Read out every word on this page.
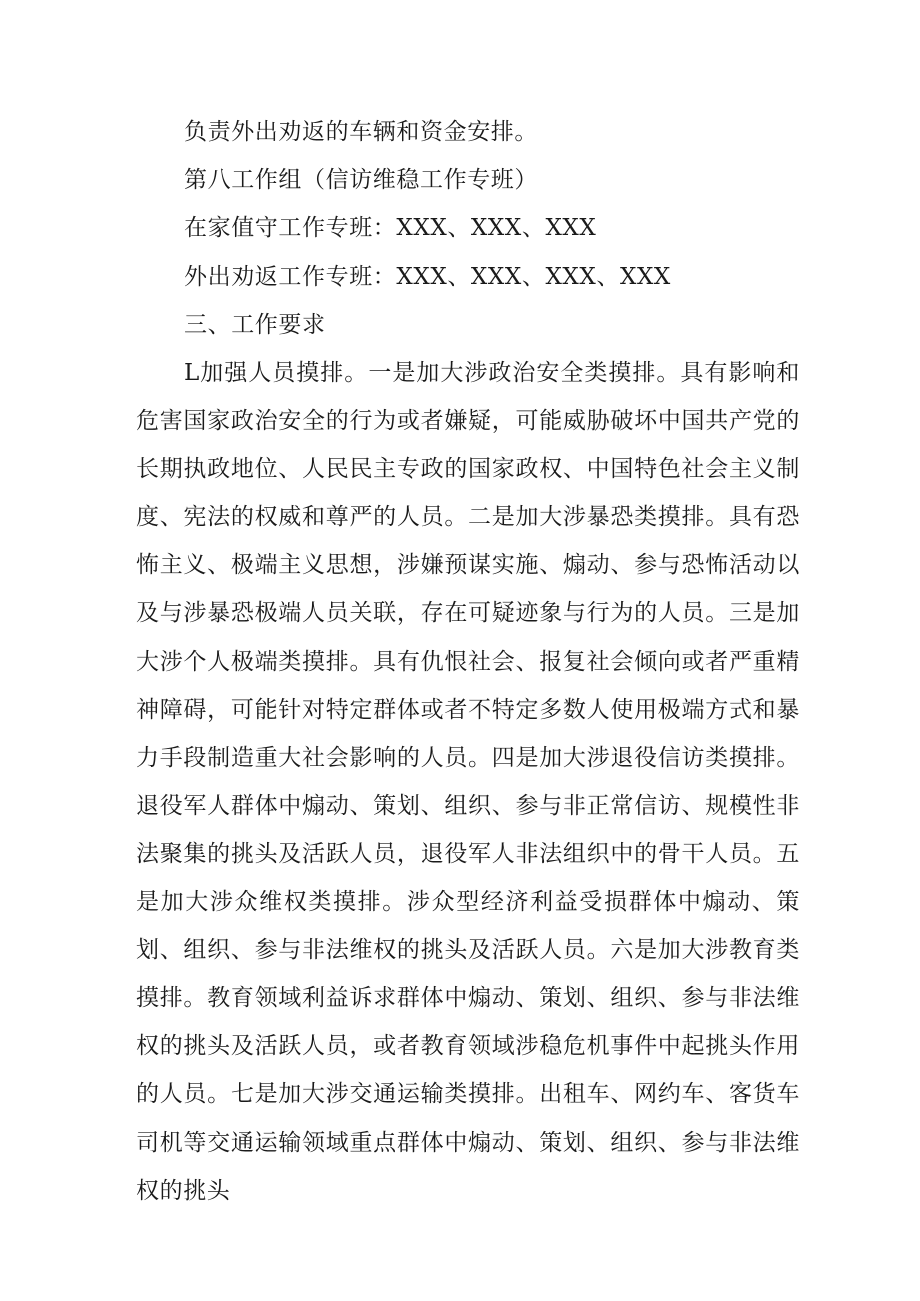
负责外出劝返的车辆和资金安排。

第八工作组（信访维稳工作专班）

在家值守工作专班：XXX、XXX、XXX

外出劝返工作专班：XXX、XXX、XXX、XXX

三、工作要求

L加强人员摸排。一是加大涉政治安全类摸排。具有影响和危害国家政治安全的行为或者嫌疑，可能威胁破坏中国共产党的长期执政地位、人民民主专政的国家政权、中国特色社会主义制度、宪法的权威和尊严的人员。二是加大涉暴恐类摸排。具有恐怖主义、极端主义思想，涉嫌预谋实施、煽动、参与恐怖活动以及与涉暴恐极端人员关联，存在可疑迹象与行为的人员。三是加大涉个人极端类摸排。具有仇恨社会、报复社会倾向或者严重精神障碍，可能针对特定群体或者不特定多数人使用极端方式和暴力手段制造重大社会影响的人员。四是加大涉退役信访类摸排。退役军人群体中煽动、策划、组织、参与非正常信访、规模性非法聚集的挑头及活跃人员，退役军人非法组织中的骨干人员。五是加大涉众维权类摸排。涉众型经济利益受损群体中煽动、策划、组织、参与非法维权的挑头及活跃人员。六是加大涉教育类摸排。教育领域利益诉求群体中煽动、策划、组织、参与非法维权的挑头及活跃人员，或者教育领域涉稳危机事件中起挑头作用的人员。七是加大涉交通运输类摸排。出租车、网约车、客货车司机等交通运输领域重点群体中煽动、策划、组织、参与非法维权的挑头
